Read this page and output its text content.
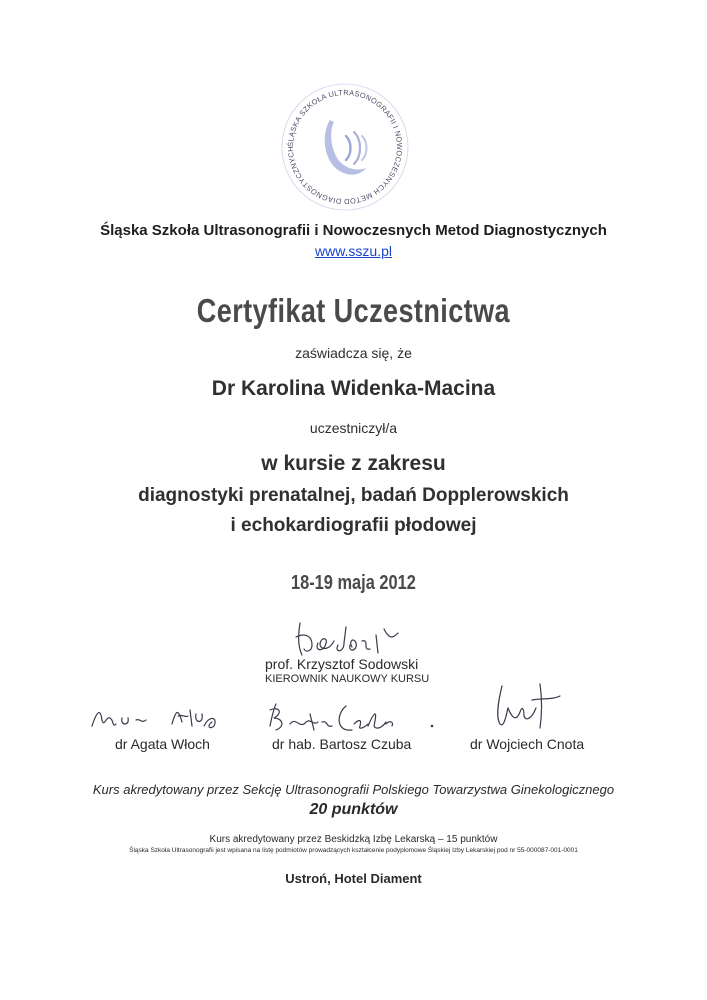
ŚLĄSKA SZKOŁA ULTRASONOGRAFII I NOWOCZESNYCH METOD DIAGNOSTYCZNYCH
Śląska Szkoła Ultrasonografii i Nowoczesnych Metod Diagnostycznych
www.sszu.pl
Certyfikat Uczestnictwa
zaświadcza się, że
Dr Karolina Widenka-Macina
uczestniczył/a
w kursie z zakresu
diagnostyki prenatalnej, badań Dopplerowskich
i echokardiografii płodowej
18-19 maja 2012
prof. Krzysztof Sodowski
KIEROWNIK NAUKOWY KURSU
dr Agata Włoch	dr hab. Bartosz Czuba	dr Wojciech Cnota
Kurs akredytowany przez Sekcję Ultrasonografii Polskiego Towarzystwa Ginekologicznego
20 punktów
Kurs akredytowany przez Beskidzką Izbę Lekarską – 15 punktów
Śląska Szkoła Ultrasonografii jest wpisana na listę podmiotów prowadzących kształcenie podyplomowe Śląskiej Izby Lekarskiej pod nr 55-000087-001-0001
Ustroń, Hotel Diament
